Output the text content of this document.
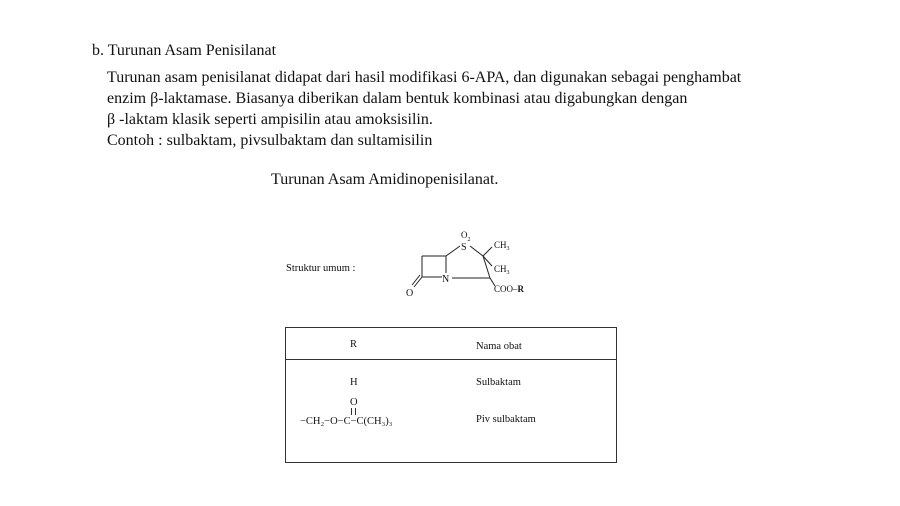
b. Turunan Asam Penisilanat
Turunan asam penisilanat didapat dari hasil modifikasi 6-APA, dan digunakan sebagai penghambat
enzim β-laktamase. Biasanya diberikan dalam bentuk kombinasi atau digabungkan dengan
β -laktam klasik seperti ampisilin atau amoksisilin.
Contoh : sulbaktam, pivsulbaktam dan sultamisilin
Turunan Asam Amidinopenisilanat.
Struktur umum :
$O_2$
S
N
O
$CH_3$
$CH_3$
COO–R
R	Nama obat
H	Sulbaktam
O
−CH₂−O−C−C(CH₃)₃	Piv sulbaktam
